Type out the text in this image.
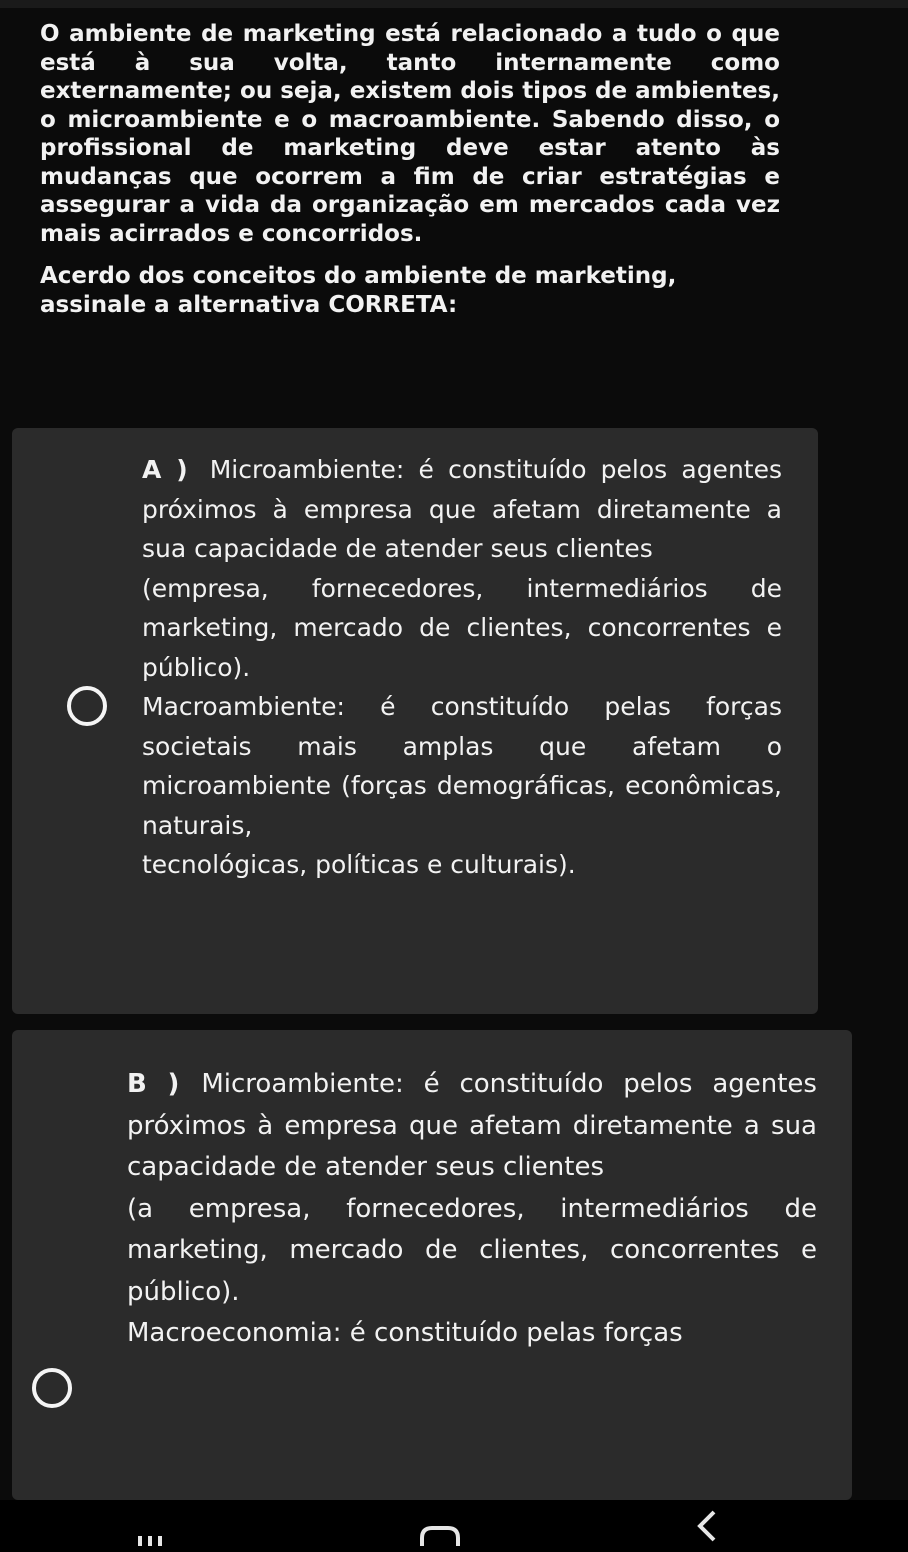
O ambiente de marketing está relacionado a tudo o que está à sua volta, tanto internamente como externamente; ou seja, existem dois tipos de ambientes, o microambiente e o macroambiente. Sabendo disso, o profissional de marketing deve estar atento às mudanças que ocorrem a fim de criar estratégias e assegurar a vida da organização em mercados cada vez mais acirrados e concorridos.

Acerdo dos conceitos do ambiente de marketing, assinale a alternativa CORRETA:

A ) Microambiente: é constituído pelos agentes próximos à empresa que afetam diretamente a sua capacidade de atender seus clientes
(empresa, fornecedores, intermediários de marketing, mercado de clientes, concorrentes e público).
Macroambiente: é constituído pelas forças societais mais amplas que afetam o microambiente (forças demográficas, econômicas, naturais,
tecnológicas, políticas e culturais).
B ) Microambiente: é constituído pelos agentes próximos à empresa que afetam diretamente a sua capacidade de atender seus clientes
(a empresa, fornecedores, intermediários de marketing, mercado de clientes, concorrentes e público).
Macroeconomia: é constituído pelas forças
